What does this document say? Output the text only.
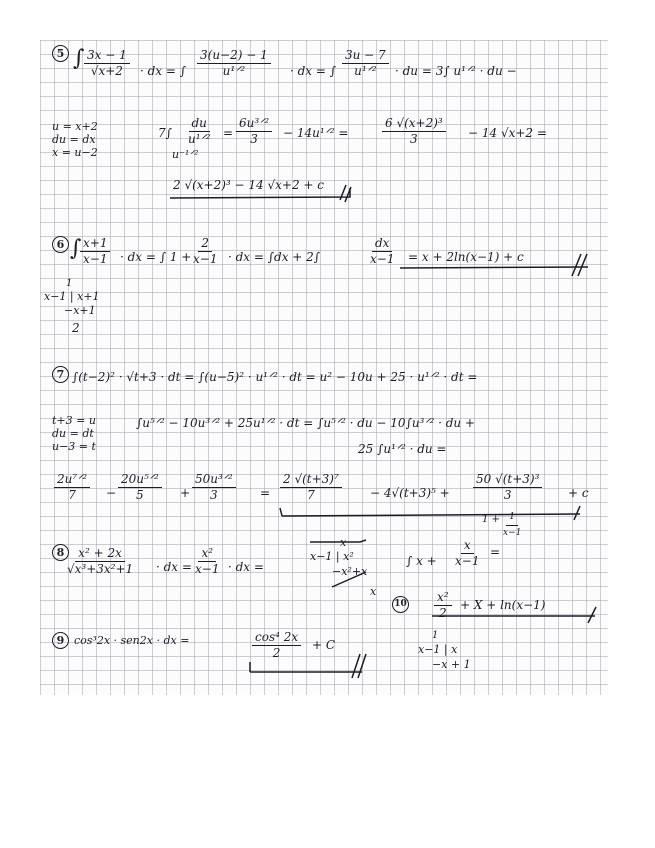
5 ∫ $\frac{3x - 1}{√x+2}$ · dx = ∫
3(u−2) − 1
u¹ᐟ²	· dx = ∫
3u − 7
u¹ᐟ² · du = 3∫ u¹ᐟ² · du −
u = x+2
du = dx
x = u−2
7∫
du
u¹ᐟ² =
6u³ᐟ²
3 − 14u¹ᐟ² =	$\frac{\text{6 √(x+2)³}}{3} - 14$ √x+2 =
u⁻¹ᐟ²
2 √(x+2)³ − 14 √x+2 + c
6 ∫
$\frac{x+1}{x-1}$ · dx = ∫ 1 +
$\frac{2}{x-1}$ · dx = ∫dx + 2∫	$\frac{dx}{x-1} = x + 2\ln(x-1) + c$
1
x−1 | x+1
−x+1
2
7 ∫(t−2)² · √t+3 · dt = ∫(u−5)² · u¹ᐟ² · dt = u² − 10u + 25 · u¹ᐟ² · dt =
t+3 = u
du = dt
u−3 = t
∫u⁵ᐟ² − 10u³ᐟ² + 25u¹ᐟ² · dt = ∫u⁵ᐟ² · du − 10∫u³ᐟ² · du +
25 ∫u¹ᐟ² · du =
2u⁷ᐟ²
7	−
20u⁵ᐟ²
5	+
50u³ᐟ²
3	= $\frac{\text{2 √(t+3)⁷}}{7} - 4√(t+3)^5 + \frac{\text{50 √(t+3)³}}{3} + c$
$8 \frac{\text{x² + 2x}}{\text{√x³+3x²+1}}$ · dx = $\frac{\text{x²}}{x-1}$ · dx =
x
x−1 | x²
−x²+x
x
∫ $x + \frac{x}{x-1}$ =
$1 + \frac{1}{x-1}$
$10 \frac{\text{x²}}{2} + X + \ln(x-1)$
1
x−1 | x
−x + 1
9 cos³2x · sen2x · dx =	$\frac{\text{cos⁴ 2x}}{2} + C$
